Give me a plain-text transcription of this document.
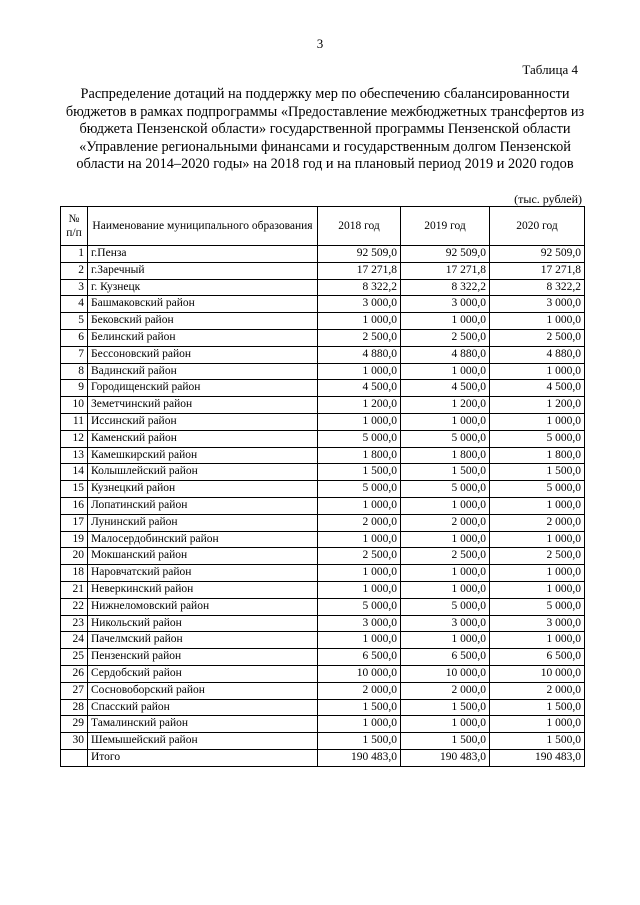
3
Таблица 4
Распределение дотаций на поддержку мер по обеспечению сбалансированности бюджетов в рамках подпрограммы «Предоставление межбюджетных трансфертов из бюджета Пензенской области» государственной программы Пензенской области «Управление региональными финансами и государственным долгом Пензенской области на 2014–2020 годы» на 2018 год и на плановый период 2019 и 2020 годов
(тыс. рублей)
№ п/п	Наименование муниципального образования	2018 год	2019 год	2020 год
1	г.Пенза	92 509,0	92 509,0	92 509,0
2	г.Заречный	17 271,8	17 271,8	17 271,8
3	г. Кузнецк	8 322,2	8 322,2	8 322,2
4	Башмаковский район	3 000,0	3 000,0	3 000,0
5	Бековский район	1 000,0	1 000,0	1 000,0
6	Белинский район	2 500,0	2 500,0	2 500,0
7	Бессоновский район	4 880,0	4 880,0	4 880,0
8	Вадинский район	1 000,0	1 000,0	1 000,0
9	Городищенский район	4 500,0	4 500,0	4 500,0
10	Земетчинский район	1 200,0	1 200,0	1 200,0
11	Иссинский район	1 000,0	1 000,0	1 000,0
12	Каменский район	5 000,0	5 000,0	5 000,0
13	Камешкирский район	1 800,0	1 800,0	1 800,0
14	Колышлейский район	1 500,0	1 500,0	1 500,0
15	Кузнецкий район	5 000,0	5 000,0	5 000,0
16	Лопатинский район	1 000,0	1 000,0	1 000,0
17	Лунинский район	2 000,0	2 000,0	2 000,0
19	Малосердобинский район	1 000,0	1 000,0	1 000,0
20	Мокшанский район	2 500,0	2 500,0	2 500,0
18	Наровчатский район	1 000,0	1 000,0	1 000,0
21	Неверкинский район	1 000,0	1 000,0	1 000,0
22	Нижнеломовский район	5 000,0	5 000,0	5 000,0
23	Никольский район	3 000,0	3 000,0	3 000,0
24	Пачелмский район	1 000,0	1 000,0	1 000,0
25	Пензенский район	6 500,0	6 500,0	6 500,0
26	Сердобский район	10 000,0	10 000,0	10 000,0
27	Сосновоборский район	2 000,0	2 000,0	2 000,0
28	Спасский район	1 500,0	1 500,0	1 500,0
29	Тамалинский район	1 000,0	1 000,0	1 000,0
30	Шемышейский район	1 500,0	1 500,0	1 500,0
	Итого	190 483,0	190 483,0	190 483,0
